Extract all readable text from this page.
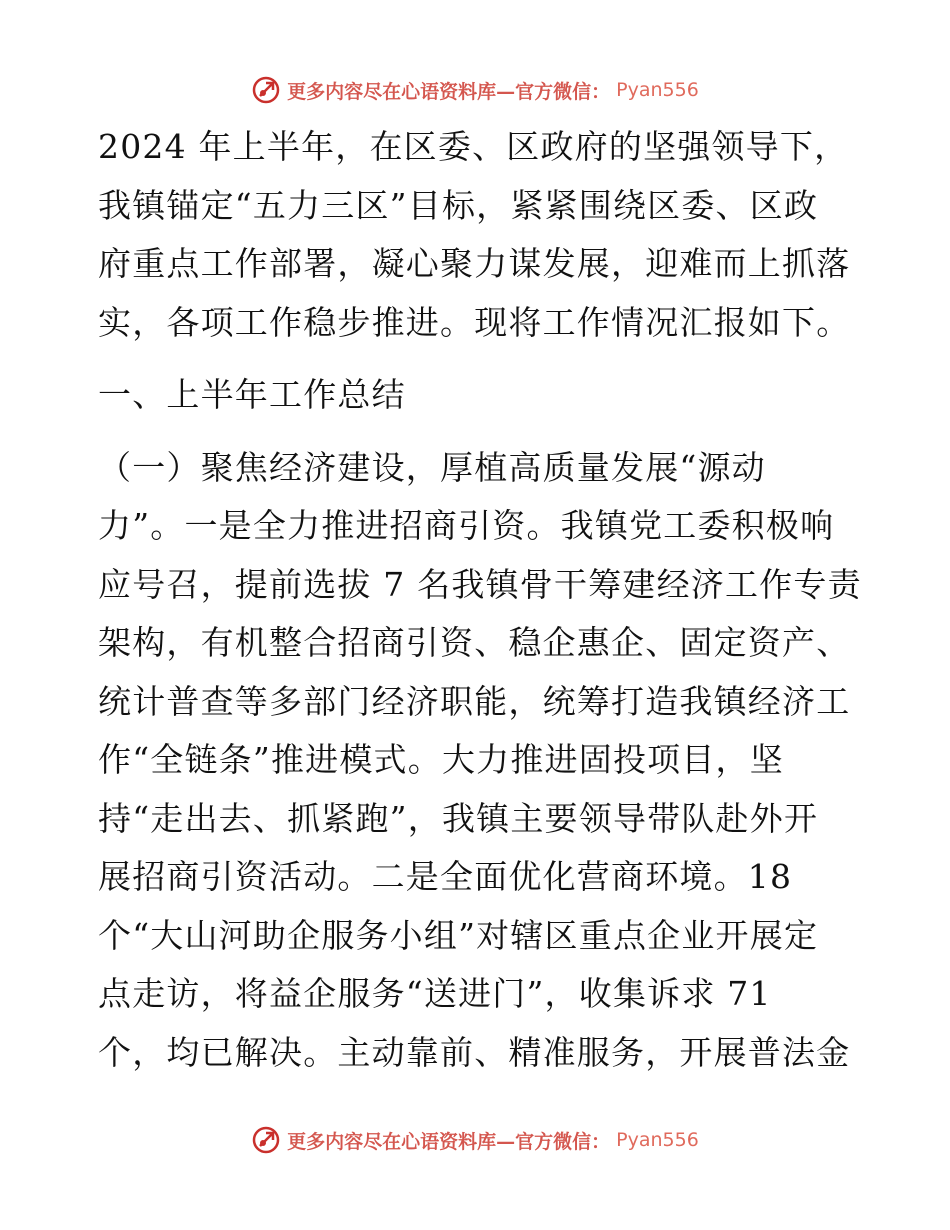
更多内容尽在心语资料库—官方微信： Pyan556
2024 年上半年，在区委、区政府的坚强领导下，
我镇锚定“五力三区”目标，紧紧围绕区委、区政
府重点工作部署，凝心聚力谋发展，迎难而上抓落
实，各项工作稳步推进。现将工作情况汇报如下。
一、上半年工作总结
（一）聚焦经济建设，厚植高质量发展“源动
力”。一是全力推进招商引资。我镇党工委积极响
应号召，提前选拔 7 名我镇骨干筹建经济工作专责
架构，有机整合招商引资、稳企惠企、固定资产、
统计普查等多部门经济职能，统筹打造我镇经济工
作“全链条”推进模式。大力推进固投项目，坚
持“走出去、抓紧跑”，我镇主要领导带队赴外开
展招商引资活动。二是全面优化营商环境。18
个“大山河助企服务小组”对辖区重点企业开展定
点走访，将益企服务“送进门”，收集诉求 71
个，均已解决。主动靠前、精准服务，开展普法金
更多内容尽在心语资料库—官方微信： Pyan556
